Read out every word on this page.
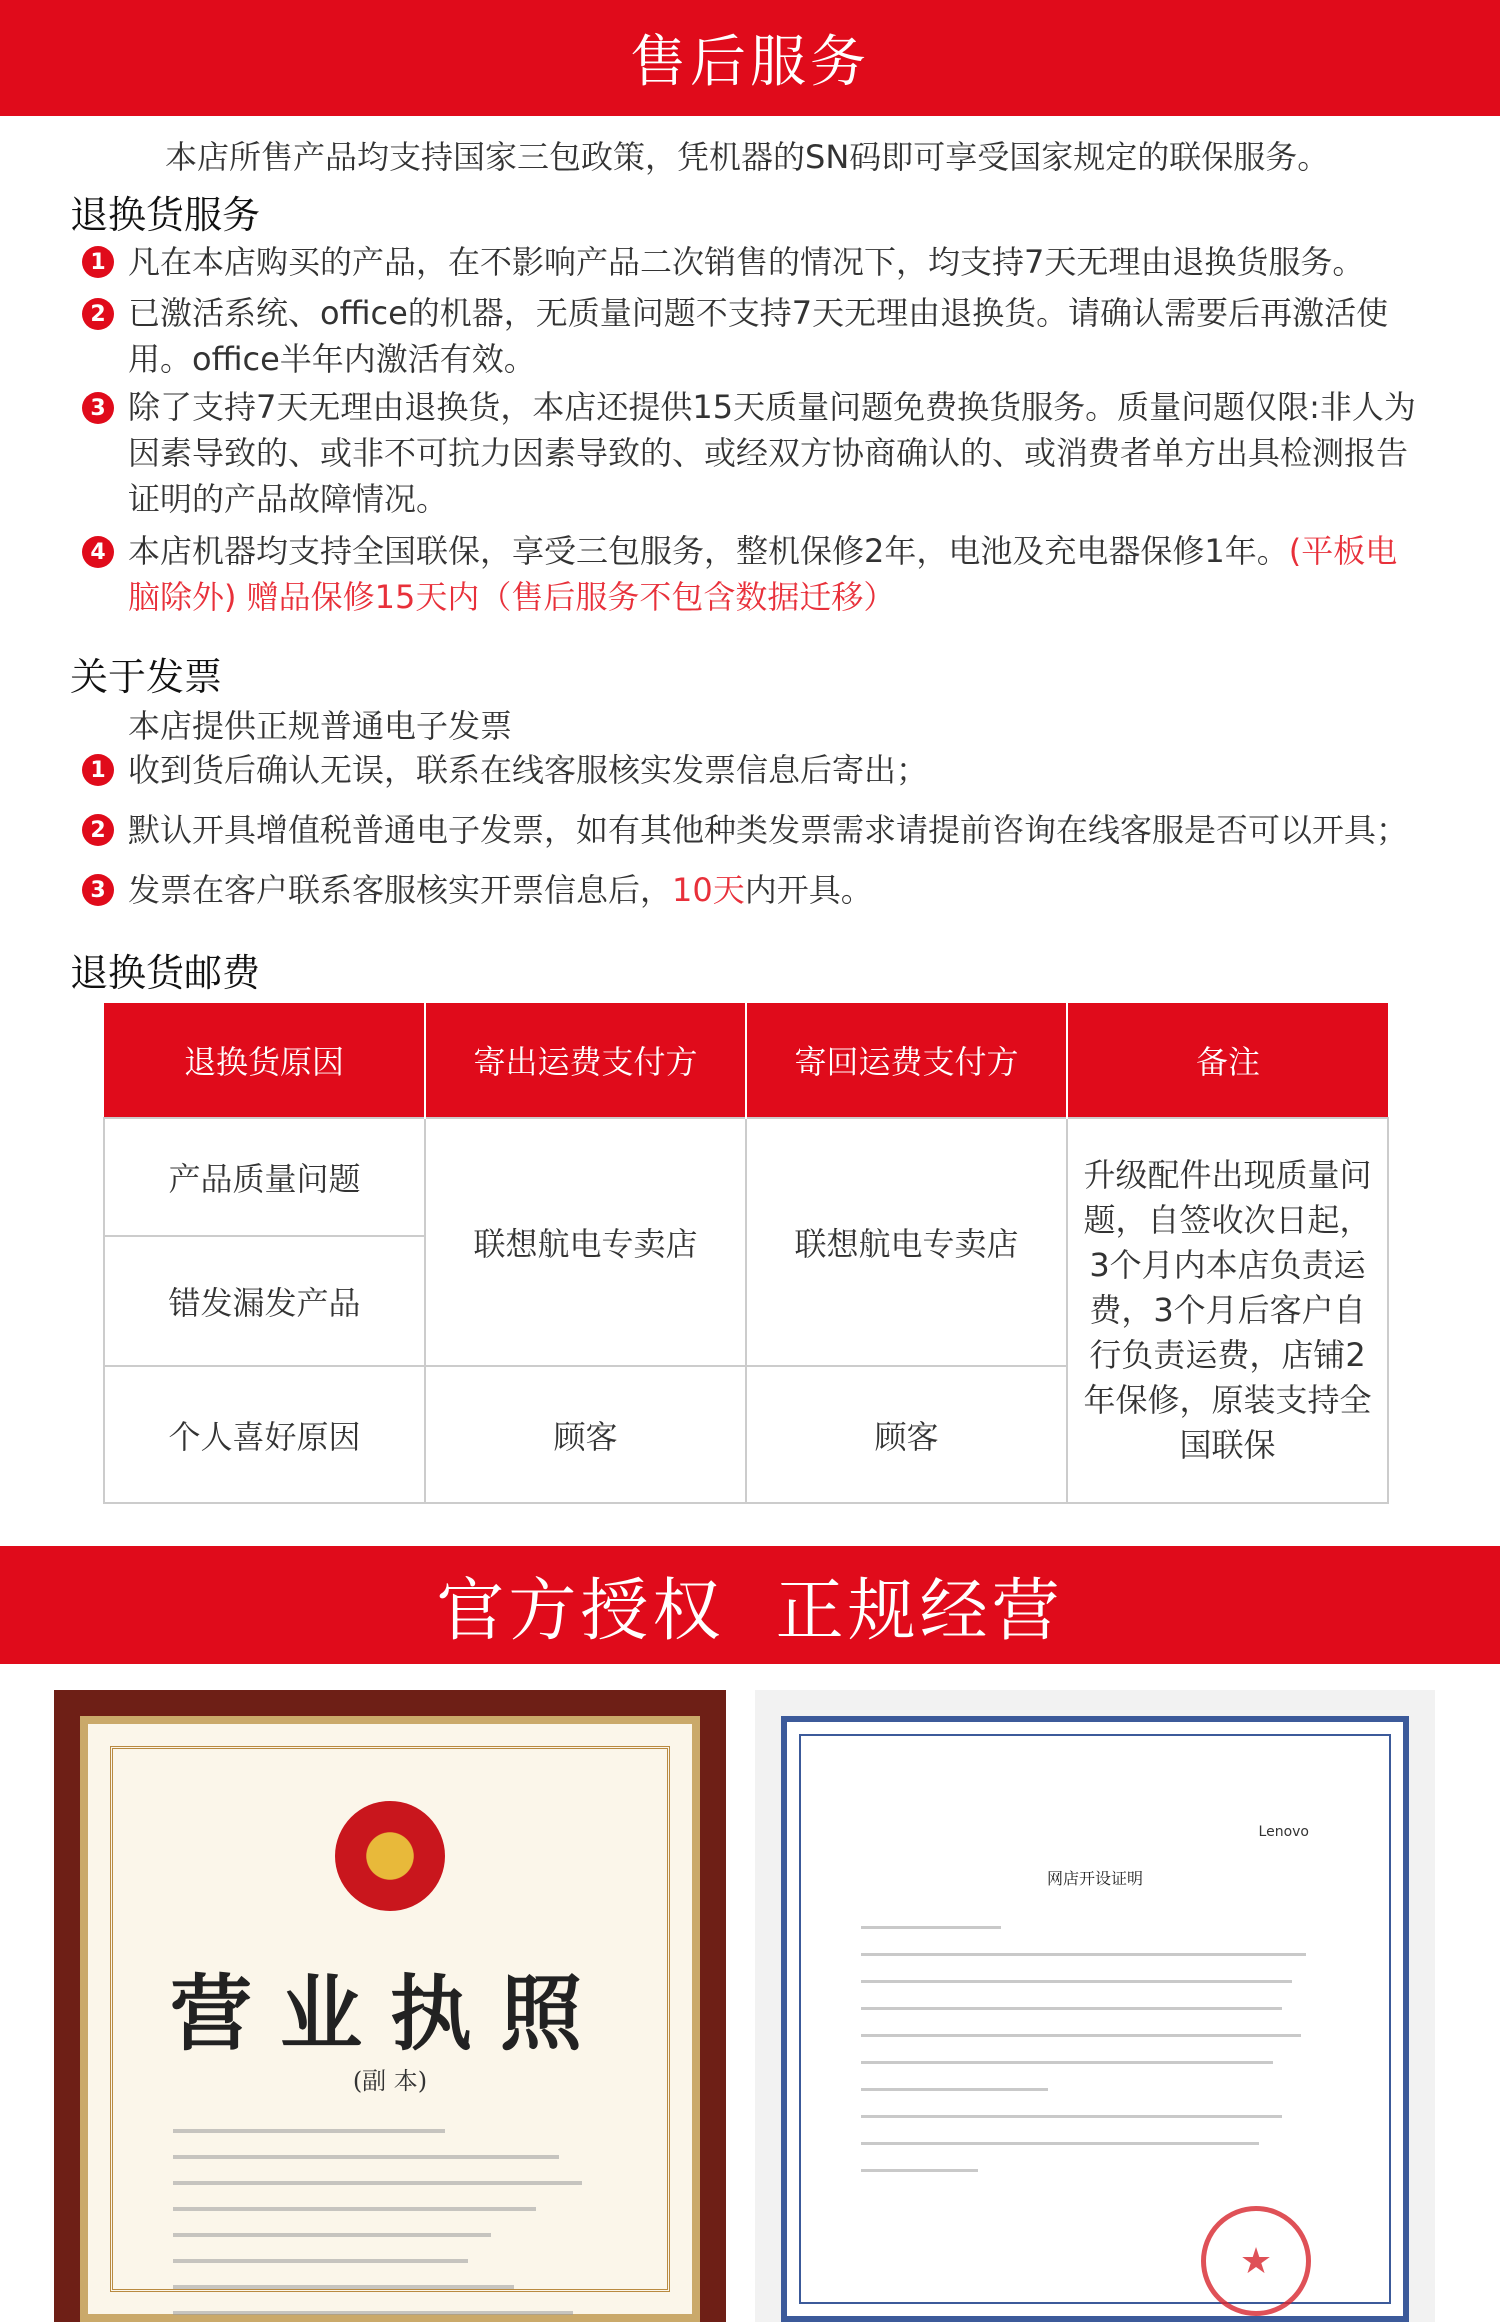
售后服务
本店所售产品均支持国家三包政策，凭机器的SN码即可享受国家规定的联保服务。
退换货服务
1 凡在本店购买的产品，在不影响产品二次销售的情况下，均支持7天无理由退换货服务。
2 已激活系统、office的机器，无质量问题不支持7天无理由退换货。请确认需要后再激活使
用。office半年内激活有效。
3 除了支持7天无理由退换货，本店还提供15天质量问题免费换货服务。质量问题仅限:非人为
因素导致的、或非不可抗力因素导致的、或经双方协商确认的、或消费者单方出具检测报告
证明的产品故障情况。
4 本店机器均支持全国联保，享受三包服务，整机保修2年，电池及充电器保修1年。(平板电
脑除外) 赠品保修15天内（售后服务不包含数据迁移）
关于发票
本店提供正规普通电子发票
1 收到货后确认无误，联系在线客服核实发票信息后寄出；
2 默认开具增值税普通电子发票，如有其他种类发票需求请提前咨询在线客服是否可以开具；
3 发票在客户联系客服核实开票信息后，10天内开具。
退换货邮费
退换货原因	寄出运费支付方	寄回运费支付方	备注
产品质量问题	联想航电专卖店	联想航电专卖店	升级配件出现质量问题，自签收次日起，3个月内本店负责运费，3个月后客户自行负责运费，店铺2年保修，原装支持全国联保
错发漏发产品			
个人喜好原因	顾客	顾客	
官方授权  正规经营
营业执照
(副 本)
Lenovo
网店开设证明
★
